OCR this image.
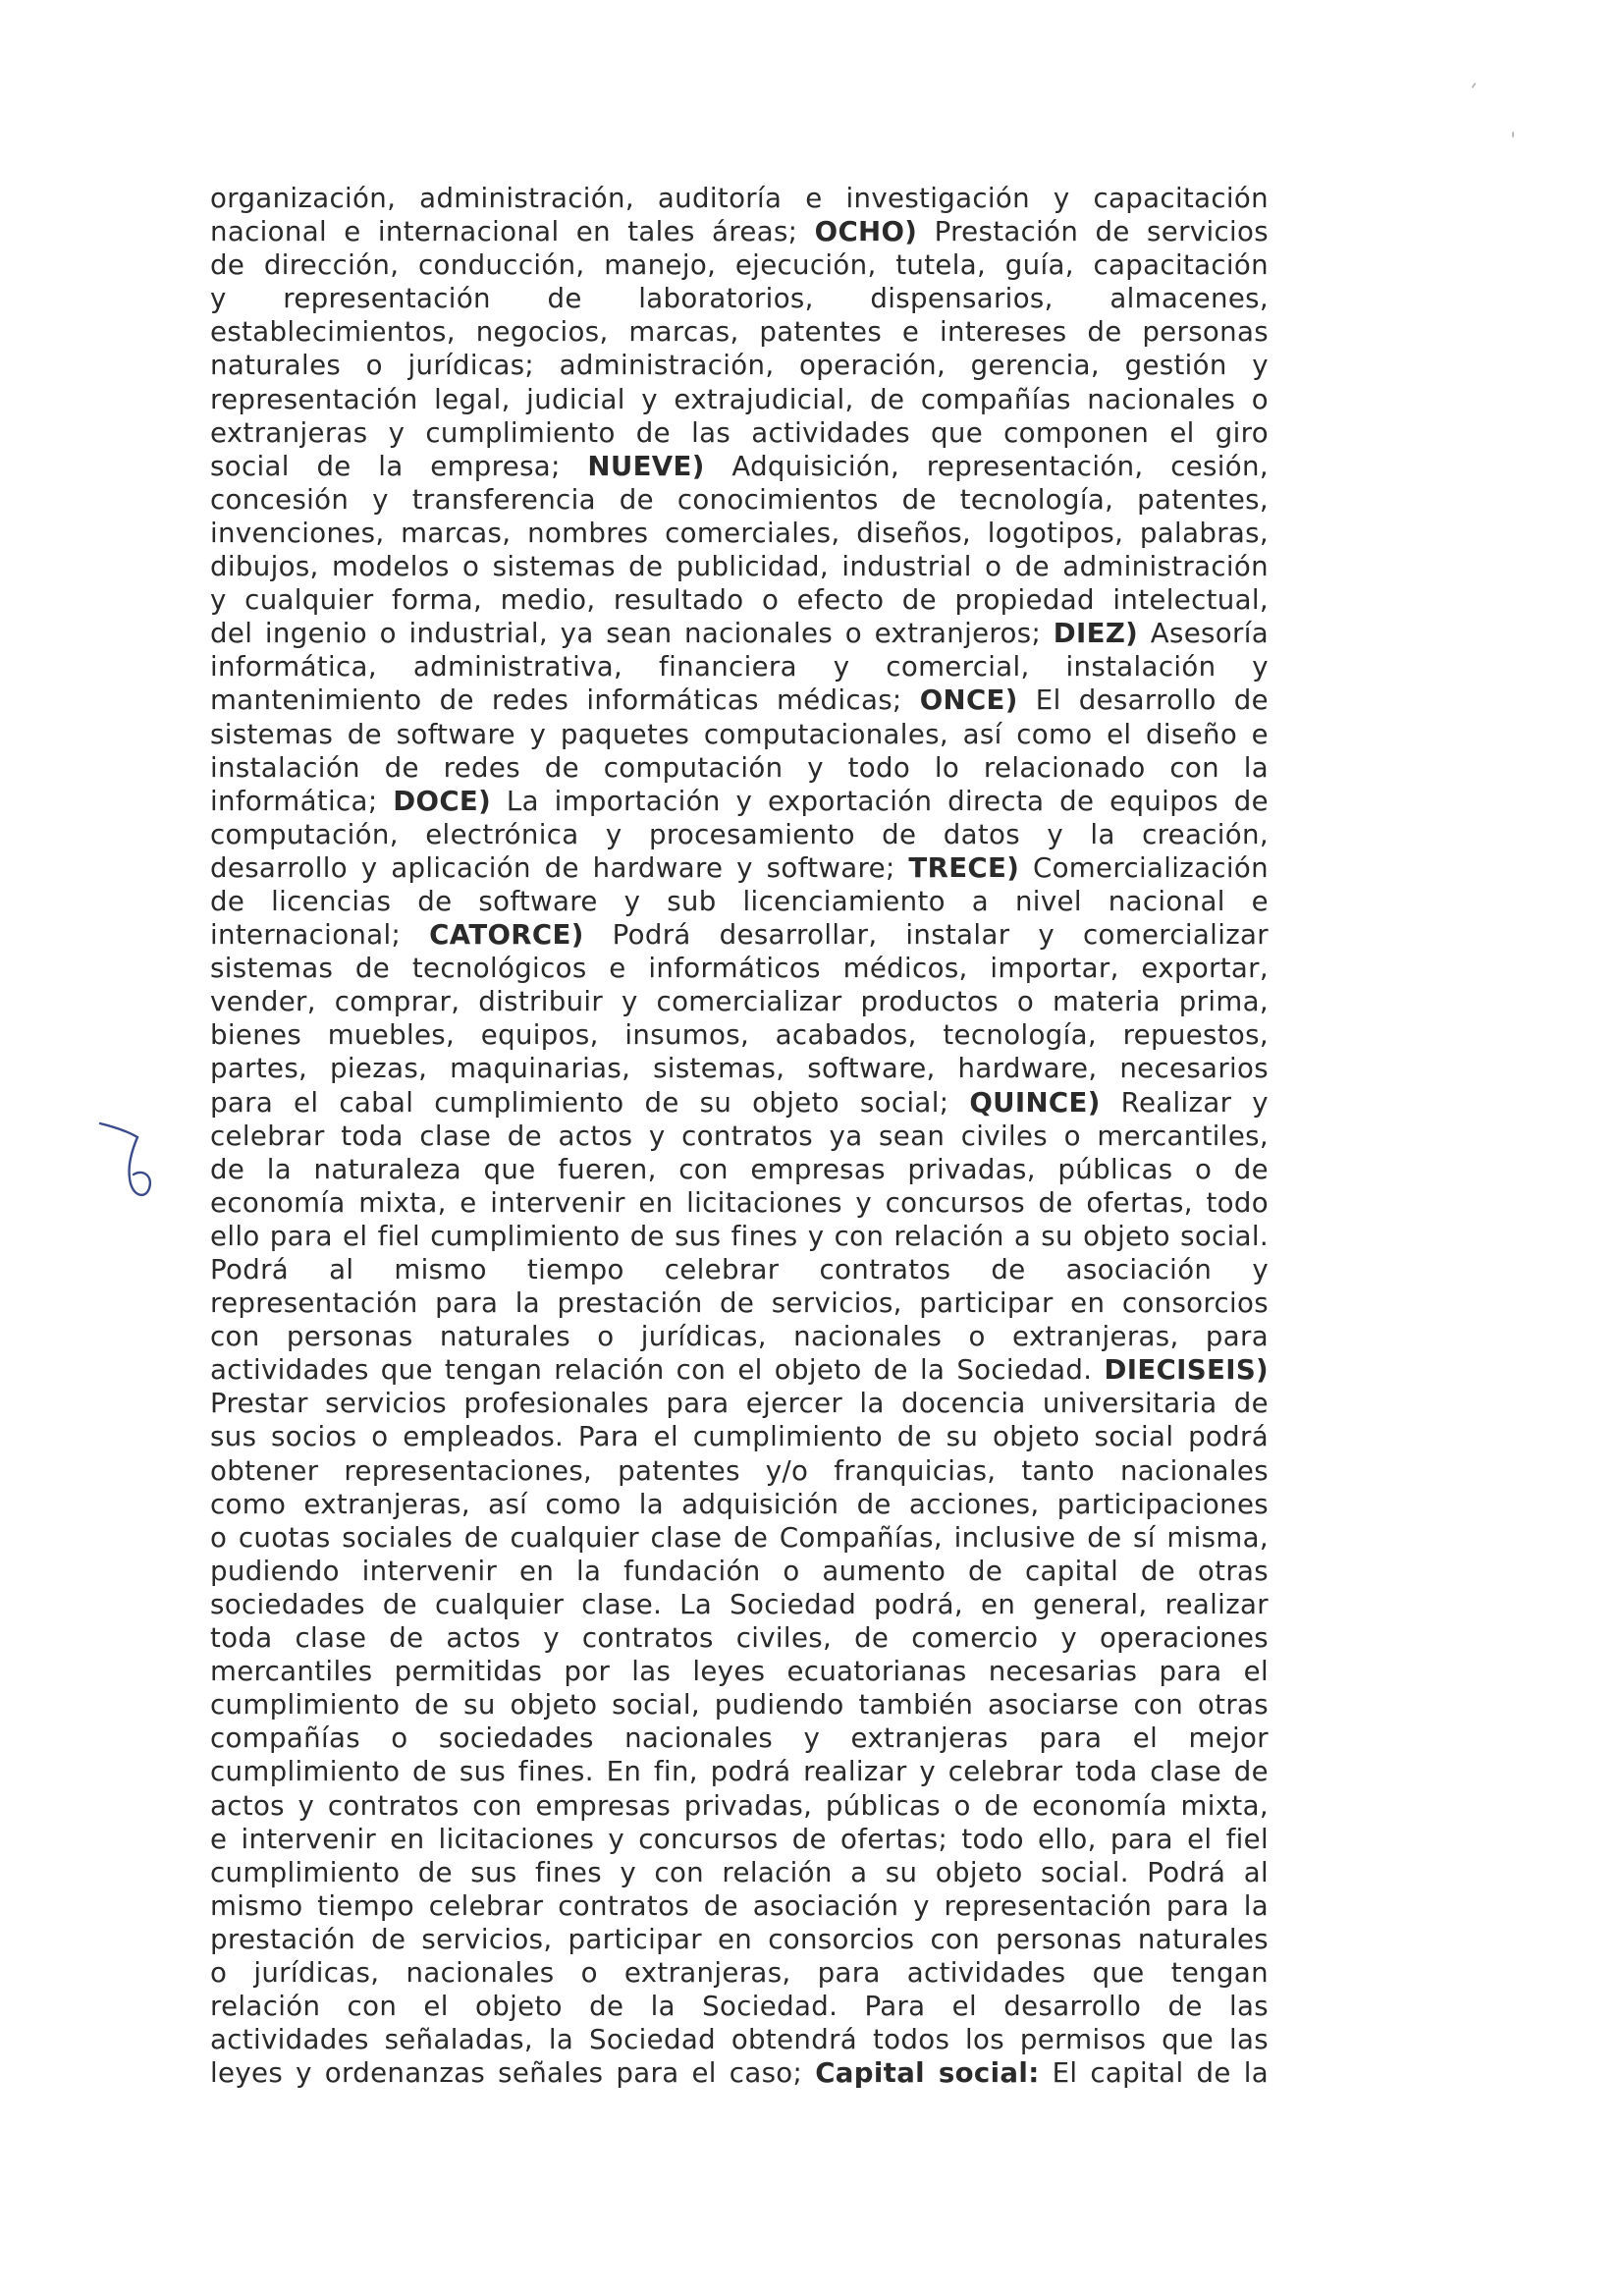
organización, administración, auditoría e investigación y capacitación
nacional e internacional en tales áreas; OCHO) Prestación de servicios
de dirección, conducción, manejo, ejecución, tutela, guía, capacitación
y representación de laboratorios, dispensarios, almacenes,
establecimientos, negocios, marcas, patentes e intereses de personas
naturales o jurídicas; administración, operación, gerencia, gestión y
representación legal, judicial y extrajudicial, de compañías nacionales o
extranjeras y cumplimiento de las actividades que componen el giro
social de la empresa; NUEVE) Adquisición, representación, cesión,
concesión y transferencia de conocimientos de tecnología, patentes,
invenciones, marcas, nombres comerciales, diseños, logotipos, palabras,
dibujos, modelos o sistemas de publicidad, industrial o de administración
y cualquier forma, medio, resultado o efecto de propiedad intelectual,
del ingenio o industrial, ya sean nacionales o extranjeros; DIEZ) Asesoría
informática, administrativa, financiera y comercial, instalación y
mantenimiento de redes informáticas médicas; ONCE) El desarrollo de
sistemas de software y paquetes computacionales, así como el diseño e
instalación de redes de computación y todo lo relacionado con la
informática; DOCE) La importación y exportación directa de equipos de
computación, electrónica y procesamiento de datos y la creación,
desarrollo y aplicación de hardware y software; TRECE) Comercialización
de licencias de software y sub licenciamiento a nivel nacional e
internacional; CATORCE) Podrá desarrollar, instalar y comercializar
sistemas de tecnológicos e informáticos médicos, importar, exportar,
vender, comprar, distribuir y comercializar productos o materia prima,
bienes muebles, equipos, insumos, acabados, tecnología, repuestos,
partes, piezas, maquinarias, sistemas, software, hardware, necesarios
para el cabal cumplimiento de su objeto social; QUINCE) Realizar y
celebrar toda clase de actos y contratos ya sean civiles o mercantiles,
de la naturaleza que fueren, con empresas privadas, públicas o de
economía mixta, e intervenir en licitaciones y concursos de ofertas, todo
ello para el fiel cumplimiento de sus fines y con relación a su objeto social.
Podrá al mismo tiempo celebrar contratos de asociación y
representación para la prestación de servicios, participar en consorcios
con personas naturales o jurídicas, nacionales o extranjeras, para
actividades que tengan relación con el objeto de la Sociedad. DIECISEIS)
Prestar servicios profesionales para ejercer la docencia universitaria de
sus socios o empleados. Para el cumplimiento de su objeto social podrá
obtener representaciones, patentes y/o franquicias, tanto nacionales
como extranjeras, así como la adquisición de acciones, participaciones
o cuotas sociales de cualquier clase de Compañías, inclusive de sí misma,
pudiendo intervenir en la fundación o aumento de capital de otras
sociedades de cualquier clase. La Sociedad podrá, en general, realizar
toda clase de actos y contratos civiles, de comercio y operaciones
mercantiles permitidas por las leyes ecuatorianas necesarias para el
cumplimiento de su objeto social, pudiendo también asociarse con otras
compañías o sociedades nacionales y extranjeras para el mejor
cumplimiento de sus fines. En fin, podrá realizar y celebrar toda clase de
actos y contratos con empresas privadas, públicas o de economía mixta,
e intervenir en licitaciones y concursos de ofertas; todo ello, para el fiel
cumplimiento de sus fines y con relación a su objeto social. Podrá al
mismo tiempo celebrar contratos de asociación y representación para la
prestación de servicios, participar en consorcios con personas naturales
o jurídicas, nacionales o extranjeras, para actividades que tengan
relación con el objeto de la Sociedad. Para el desarrollo de las
actividades señaladas, la Sociedad obtendrá todos los permisos que las
leyes y ordenanzas señales para el caso; Capital social: El capital de la
